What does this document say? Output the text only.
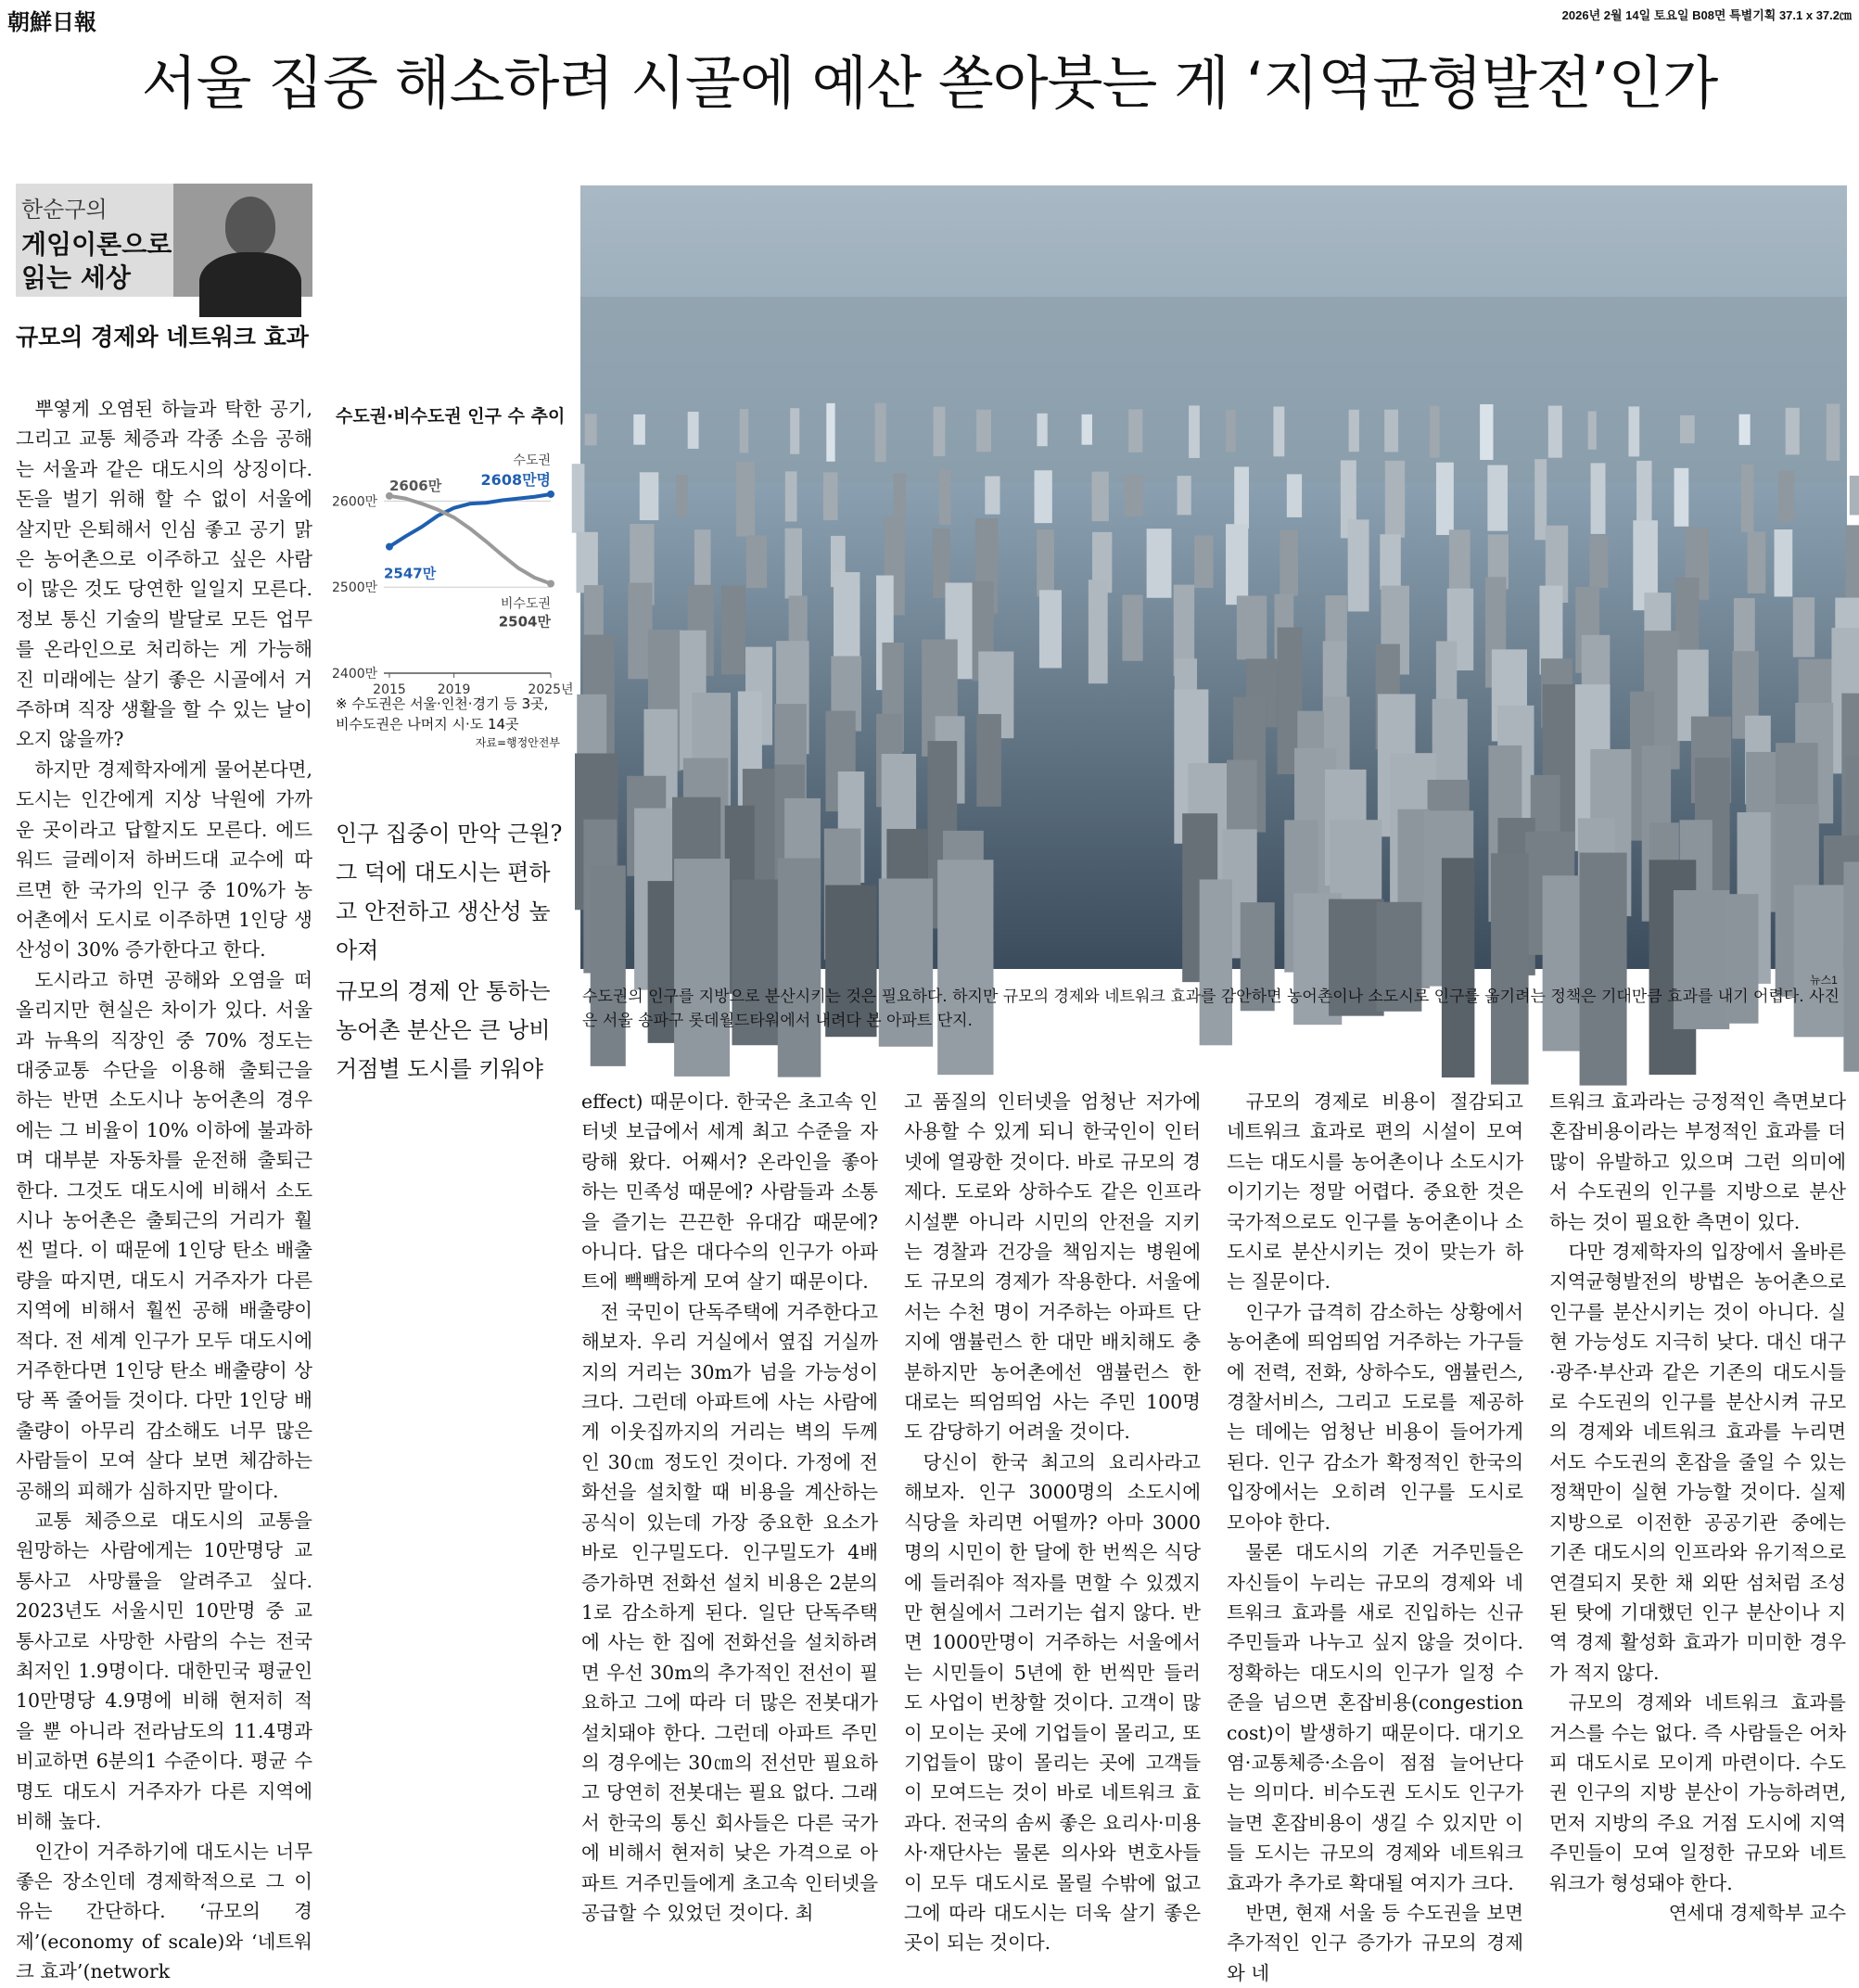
朝鮮日報	2026년 2월 14일 토요일 B08면 특별기획 37.1 x 37.2㎝
서울 집중 해소하려 시골에 예산 쏟아붓는 게 ‘지역균형발전’인가
한순구의
게임이론으로
읽는 세상
규모의 경제와 네트워크 효과

뿌옇게 오염된 하늘과 탁한 공기, 그리고 교통 체증과 각종 소음 공해는 서울과 같은 대도시의 상징이다. 돈을 벌기 위해 할 수 없이 서울에 살지만 은퇴해서 인심 좋고 공기 맑은 농어촌으로 이주하고 싶은 사람이 많은 것도 당연한 일일지 모른다. 정보 통신 기술의 발달로 모든 업무를 온라인으로 처리하는 게 가능해진 미래에는 살기 좋은 시골에서 거주하며 직장 생활을 할 수 있는 날이 오지 않을까?

하지만 경제학자에게 물어본다면, 도시는 인간에게 지상 낙원에 가까운 곳이라고 답할지도 모른다. 에드워드 글레이저 하버드대 교수에 따르면 한 국가의 인구 중 10%가 농어촌에서 도시로 이주하면 1인당 생산성이 30% 증가한다고 한다.

도시라고 하면 공해와 오염을 떠올리지만 현실은 차이가 있다. 서울과 뉴욕의 직장인 중 70% 정도는 대중교통 수단을 이용해 출퇴근을 하는 반면 소도시나 농어촌의 경우에는 그 비율이 10% 이하에 불과하며 대부분 자동차를 운전해 출퇴근한다. 그것도 대도시에 비해서 소도시나 농어촌은 출퇴근의 거리가 훨씬 멀다. 이 때문에 1인당 탄소 배출량을 따지면, 대도시 거주자가 다른 지역에 비해서 훨씬 공해 배출량이 적다. 전 세계 인구가 모두 대도시에 거주한다면 1인당 탄소 배출량이 상당 폭 줄어들 것이다. 다만 1인당 배출량이 아무리 감소해도 너무 많은 사람들이 모여 살다 보면 체감하는 공해의 피해가 심하지만 말이다.

교통 체증으로 대도시의 교통을 원망하는 사람에게는 10만명당 교통사고 사망률을 알려주고 싶다. 2023년도 서울시민 10만명 중 교통사고로 사망한 사람의 수는 전국 최저인 1.9명이다. 대한민국 평균인 10만명당 4.9명에 비해 현저히 적을 뿐 아니라 전라남도의 11.4명과 비교하면 6분의1 수준이다. 평균 수명도 대도시 거주자가 다른 지역에 비해 높다.

인간이 거주하기에 대도시는 너무 좋은 장소인데 경제학적으로 그 이유는 간단하다. ‘규모의 경제’(economy of scale)와 ‘네트워크 효과’(network

수도권·비수도권 인구 수 추이
2600만
2500만
2400만
2015 2019	2025년
2547만
2608만명
수도권
2606만
비수도권
2504만
※ 수도권은 서울·인천·경기 등 3곳, 비수도권은 나머지 시·도 14곳
자료=행정안전부
인구 집중이 만악 근원? 그 덕에 대도시는 편하고 안전하고 생산성 높아져
규모의 경제 안 통하는 농어촌 분산은 큰 낭비 거점별 도시를 키워야
뉴스1
수도권의 인구를 지방으로 분산시키는 것은 필요하다. 하지만 규모의 경제와 네트워크 효과를 감안하면 농어촌이나 소도시로 인구를 옮기려는 정책은 기대만큼 효과를 내기 어렵다. 사진은 서울 송파구 롯데월드타워에서 내려다 본 아파트 단지.

effect) 때문이다. 한국은 초고속 인터넷 보급에서 세계 최고 수준을 자랑해 왔다. 어째서? 온라인을 좋아하는 민족성 때문에? 사람들과 소통을 즐기는 끈끈한 유대감 때문에? 아니다. 답은 대다수의 인구가 아파트에 빽빽하게 모여 살기 때문이다.

전 국민이 단독주택에 거주한다고 해보자. 우리 거실에서 옆집 거실까지의 거리는 30m가 넘을 가능성이 크다. 그런데 아파트에 사는 사람에게 이웃집까지의 거리는 벽의 두께인 30㎝ 정도인 것이다. 가정에 전화선을 설치할 때 비용을 계산하는 공식이 있는데 가장 중요한 요소가 바로 인구밀도다. 인구밀도가 4배 증가하면 전화선 설치 비용은 2분의1로 감소하게 된다. 일단 단독주택에 사는 한 집에 전화선을 설치하려면 우선 30m의 추가적인 전선이 필요하고 그에 따라 더 많은 전봇대가 설치돼야 한다. 그런데 아파트 주민의 경우에는 30㎝의 전선만 필요하고 당연히 전봇대는 필요 없다. 그래서 한국의 통신 회사들은 다른 국가에 비해서 현저히 낮은 가격으로 아파트 거주민들에게 초고속 인터넷을 공급할 수 있었던 것이다. 최

고 품질의 인터넷을 엄청난 저가에 사용할 수 있게 되니 한국인이 인터넷에 열광한 것이다. 바로 규모의 경제다. 도로와 상하수도 같은 인프라 시설뿐 아니라 시민의 안전을 지키는 경찰과 건강을 책임지는 병원에도 규모의 경제가 작용한다. 서울에서는 수천 명이 거주하는 아파트 단지에 앰뷸런스 한 대만 배치해도 충분하지만 농어촌에선 앰뷸런스 한 대로는 띄엄띄엄 사는 주민 100명도 감당하기 어려울 것이다.

당신이 한국 최고의 요리사라고 해보자. 인구 3000명의 소도시에 식당을 차리면 어떨까? 아마 3000명의 시민이 한 달에 한 번씩은 식당에 들러줘야 적자를 면할 수 있겠지만 현실에서 그러기는 쉽지 않다. 반면 1000만명이 거주하는 서울에서는 시민들이 5년에 한 번씩만 들러도 사업이 번창할 것이다. 고객이 많이 모이는 곳에 기업들이 몰리고, 또 기업들이 많이 몰리는 곳에 고객들이 모여드는 것이 바로 네트워크 효과다. 전국의 솜씨 좋은 요리사·미용사·재단사는 물론 의사와 변호사들이 모두 대도시로 몰릴 수밖에 없고 그에 따라 대도시는 더욱 살기 좋은 곳이 되는 것이다.

규모의 경제로 비용이 절감되고 네트워크 효과로 편의 시설이 모여드는 대도시를 농어촌이나 소도시가 이기기는 정말 어렵다. 중요한 것은 국가적으로도 인구를 농어촌이나 소도시로 분산시키는 것이 맞는가 하는 질문이다.

인구가 급격히 감소하는 상황에서 농어촌에 띄엄띄엄 거주하는 가구들에 전력, 전화, 상하수도, 앰뷸런스, 경찰서비스, 그리고 도로를 제공하는 데에는 엄청난 비용이 들어가게 된다. 인구 감소가 확정적인 한국의 입장에서는 오히려 인구를 도시로 모아야 한다.

물론 대도시의 기존 거주민들은 자신들이 누리는 규모의 경제와 네트워크 효과를 새로 진입하는 신규 주민들과 나누고 싶지 않을 것이다. 정확하는 대도시의 인구가 일정 수준을 넘으면 혼잡비용(congestion cost)이 발생하기 때문이다. 대기오염·교통체증·소음이 점점 늘어난다는 의미다. 비수도권 도시도 인구가 늘면 혼잡비용이 생길 수 있지만 이들 도시는 규모의 경제와 네트워크 효과가 추가로 확대될 여지가 크다.

반면, 현재 서울 등 수도권을 보면 추가적인 인구 증가가 규모의 경제와 네

트워크 효과라는 긍정적인 측면보다 혼잡비용이라는 부정적인 효과를 더 많이 유발하고 있으며 그런 의미에서 수도권의 인구를 지방으로 분산하는 것이 필요한 측면이 있다.

다만 경제학자의 입장에서 올바른 지역균형발전의 방법은 농어촌으로 인구를 분산시키는 것이 아니다. 실현 가능성도 지극히 낮다. 대신 대구·광주·부산과 같은 기존의 대도시들로 수도권의 인구를 분산시켜 규모의 경제와 네트워크 효과를 누리면서도 수도권의 혼잡을 줄일 수 있는 정책만이 실현 가능할 것이다. 실제 지방으로 이전한 공공기관 중에는 기존 대도시의 인프라와 유기적으로 연결되지 못한 채 외딴 섬처럼 조성된 탓에 기대했던 인구 분산이나 지역 경제 활성화 효과가 미미한 경우가 적지 않다.

규모의 경제와 네트워크 효과를 거스를 수는 없다. 즉 사람들은 어차피 대도시로 모이게 마련이다. 수도권 인구의 지방 분산이 가능하려면, 먼저 지방의 주요 거점 도시에 지역 주민들이 모여 일정한 규모와 네트워크가 형성돼야 한다.

연세대 경제학부 교수
